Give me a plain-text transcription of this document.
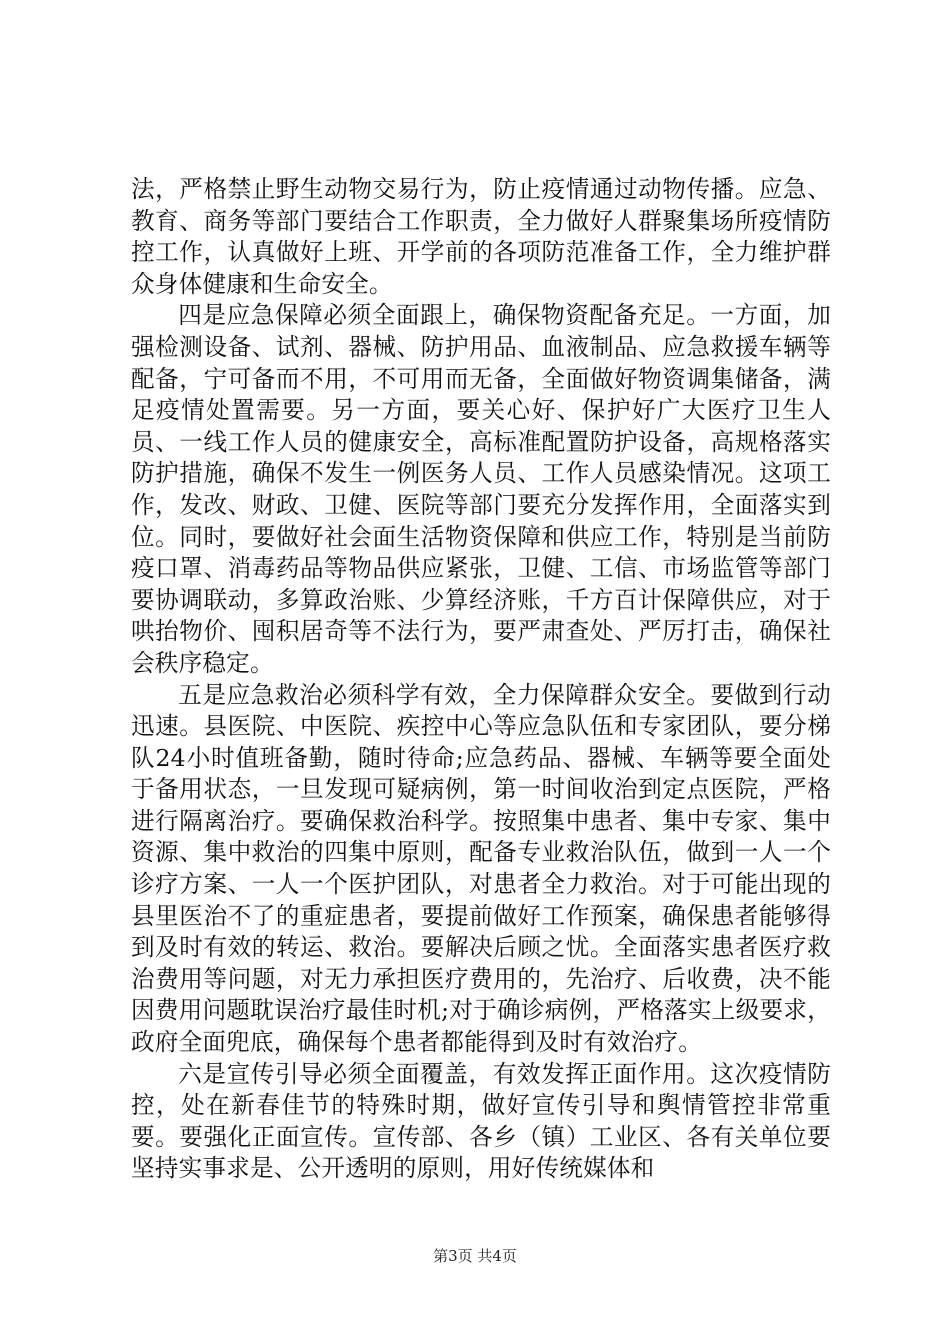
法，严格禁止野生动物交易行为，防止疫情通过动物传播。应急、教育、商务等部门要结合工作职责，全力做好人群聚集场所疫情防控工作，认真做好上班、开学前的各项防范准备工作，全力维护群众身体健康和生命安全。

四是应急保障必须全面跟上，确保物资配备充足。一方面，加强检测设备、试剂、器械、防护用品、血液制品、应急救援车辆等配备，宁可备而不用，不可用而无备，全面做好物资调集储备，满足疫情处置需要。另一方面，要关心好、保护好广大医疗卫生人员、一线工作人员的健康安全，高标准配置防护设备，高规格落实防护措施，确保不发生一例医务人员、工作人员感染情况。这项工作，发改、财政、卫健、医院等部门要充分发挥作用，全面落实到位。同时，要做好社会面生活物资保障和供应工作，特别是当前防疫口罩、消毒药品等物品供应紧张，卫健、工信、市场监管等部门要协调联动，多算政治账、少算经济账，千方百计保障供应，对于哄抬物价、囤积居奇等不法行为，要严肃查处、严厉打击，确保社会秩序稳定。

五是应急救治必须科学有效，全力保障群众安全。要做到行动迅速。县医院、中医院、疾控中心等应急队伍和专家团队，要分梯队24小时值班备勤，随时待命;应急药品、器械、车辆等要全面处于备用状态，一旦发现可疑病例，第一时间收治到定点医院，严格进行隔离治疗。要确保救治科学。按照集中患者、集中专家、集中资源、集中救治的四集中原则，配备专业救治队伍，做到一人一个诊疗方案、一人一个医护团队，对患者全力救治。对于可能出现的县里医治不了的重症患者，要提前做好工作预案，确保患者能够得到及时有效的转运、救治。要解决后顾之忧。全面落实患者医疗救治费用等问题，对无力承担医疗费用的，先治疗、后收费，决不能因费用问题耽误治疗最佳时机;对于确诊病例，严格落实上级要求，政府全面兜底，确保每个患者都能得到及时有效治疗。

六是宣传引导必须全面覆盖，有效发挥正面作用。这次疫情防控，处在新春佳节的特殊时期，做好宣传引导和舆情管控非常重要。要强化正面宣传。宣传部、各乡（镇）工业区、各有关单位要坚持实事求是、公开透明的原则，用好传统媒体和

第3页 共4页
